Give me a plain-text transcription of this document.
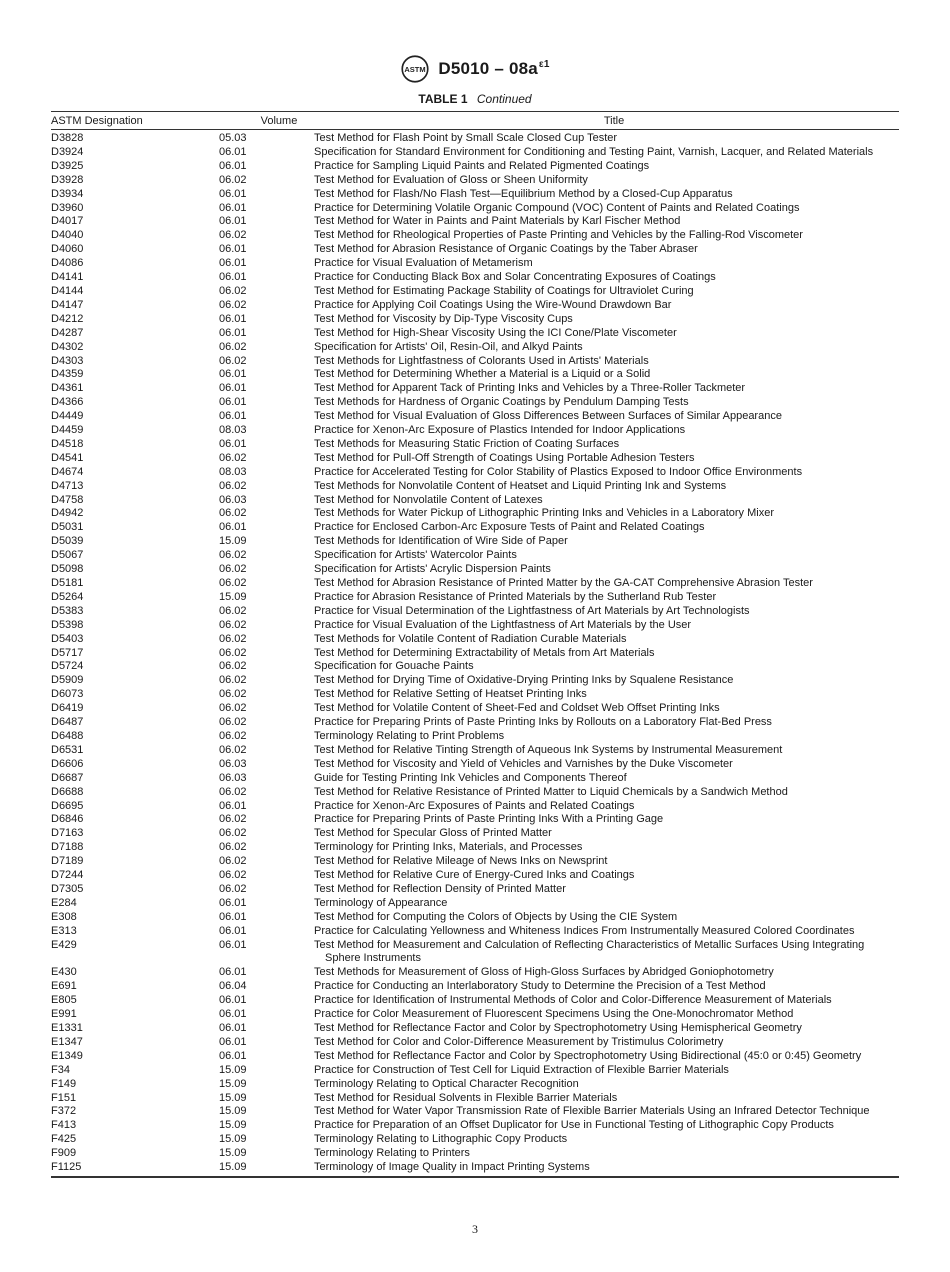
ASTM $D5010 - 08a^{\varepsilon 1}$
TABLE 1 Continued
ASTM Designation	Volume	Title
D3828	05.03	Test Method for Flash Point by Small Scale Closed Cup Tester
D3924	06.01	Specification for Standard Environment for Conditioning and Testing Paint, Varnish, Lacquer, and Related Materials
D3925	06.01	Practice for Sampling Liquid Paints and Related Pigmented Coatings
D3928	06.02	Test Method for Evaluation of Gloss or Sheen Uniformity
D3934	06.01	Test Method for Flash/No Flash Test—Equilibrium Method by a Closed-Cup Apparatus
D3960	06.01	Practice for Determining Volatile Organic Compound (VOC) Content of Paints and Related Coatings
D4017	06.01	Test Method for Water in Paints and Paint Materials by Karl Fischer Method
D4040	06.02	Test Method for Rheological Properties of Paste Printing and Vehicles by the Falling-Rod Viscometer
D4060	06.01	Test Method for Abrasion Resistance of Organic Coatings by the Taber Abraser
D4086	06.01	Practice for Visual Evaluation of Metamerism
D4141	06.01	Practice for Conducting Black Box and Solar Concentrating Exposures of Coatings
D4144	06.02	Test Method for Estimating Package Stability of Coatings for Ultraviolet Curing
D4147	06.02	Practice for Applying Coil Coatings Using the Wire-Wound Drawdown Bar
D4212	06.01	Test Method for Viscosity by Dip-Type Viscosity Cups
D4287	06.01	Test Method for High-Shear Viscosity Using the ICI Cone/Plate Viscometer
D4302	06.02	Specification for Artists' Oil, Resin-Oil, and Alkyd Paints
D4303	06.02	Test Methods for Lightfastness of Colorants Used in Artists' Materials
D4359	06.01	Test Method for Determining Whether a Material is a Liquid or a Solid
D4361	06.01	Test Method for Apparent Tack of Printing Inks and Vehicles by a Three-Roller Tackmeter
D4366	06.01	Test Methods for Hardness of Organic Coatings by Pendulum Damping Tests
D4449	06.01	Test Method for Visual Evaluation of Gloss Differences Between Surfaces of Similar Appearance
D4459	08.03	Practice for Xenon-Arc Exposure of Plastics Intended for Indoor Applications
D4518	06.01	Test Methods for Measuring Static Friction of Coating Surfaces
D4541	06.02	Test Method for Pull-Off Strength of Coatings Using Portable Adhesion Testers
D4674	08.03	Practice for Accelerated Testing for Color Stability of Plastics Exposed to Indoor Office Environments
D4713	06.02	Test Methods for Nonvolatile Content of Heatset and Liquid Printing Ink and Systems
D4758	06.03	Test Method for Nonvolatile Content of Latexes
D4942	06.02	Test Methods for Water Pickup of Lithographic Printing Inks and Vehicles in a Laboratory Mixer
D5031	06.01	Practice for Enclosed Carbon-Arc Exposure Tests of Paint and Related Coatings
D5039	15.09	Test Methods for Identification of Wire Side of Paper
D5067	06.02	Specification for Artists' Watercolor Paints
D5098	06.02	Specification for Artists' Acrylic Dispersion Paints
D5181	06.02	Test Method for Abrasion Resistance of Printed Matter by the GA-CAT Comprehensive Abrasion Tester
D5264	15.09	Practice for Abrasion Resistance of Printed Materials by the Sutherland Rub Tester
D5383	06.02	Practice for Visual Determination of the Lightfastness of Art Materials by Art Technologists
D5398	06.02	Practice for Visual Evaluation of the Lightfastness of Art Materials by the User
D5403	06.02	Test Methods for Volatile Content of Radiation Curable Materials
D5717	06.02	Test Method for Determining Extractability of Metals from Art Materials
D5724	06.02	Specification for Gouache Paints
D5909	06.02	Test Method for Drying Time of Oxidative-Drying Printing Inks by Squalene Resistance
D6073	06.02	Test Method for Relative Setting of Heatset Printing Inks
D6419	06.02	Test Method for Volatile Content of Sheet-Fed and Coldset Web Offset Printing Inks
D6487	06.02	Practice for Preparing Prints of Paste Printing Inks by Rollouts on a Laboratory Flat-Bed Press
D6488	06.02	Terminology Relating to Print Problems
D6531	06.02	Test Method for Relative Tinting Strength of Aqueous Ink Systems by Instrumental Measurement
D6606	06.03	Test Method for Viscosity and Yield of Vehicles and Varnishes by the Duke Viscometer
D6687	06.03	Guide for Testing Printing Ink Vehicles and Components Thereof
D6688	06.02	Test Method for Relative Resistance of Printed Matter to Liquid Chemicals by a Sandwich Method
D6695	06.01	Practice for Xenon-Arc Exposures of Paints and Related Coatings
D6846	06.02	Practice for Preparing Prints of Paste Printing Inks With a Printing Gage
D7163	06.02	Test Method for Specular Gloss of Printed Matter
D7188	06.02	Terminology for Printing Inks, Materials, and Processes
D7189	06.02	Test Method for Relative Mileage of News Inks on Newsprint
D7244	06.02	Test Method for Relative Cure of Energy-Cured Inks and Coatings
D7305	06.02	Test Method for Reflection Density of Printed Matter
E284	06.01	Terminology of Appearance
E308	06.01	Test Method for Computing the Colors of Objects by Using the CIE System
E313	06.01	Practice for Calculating Yellowness and Whiteness Indices From Instrumentally Measured Colored Coordinates
E429	06.01	Test Method for Measurement and Calculation of Reflecting Characteristics of Metallic Surfaces Using Integrating
Sphere Instruments
E430	06.01	Test Methods for Measurement of Gloss of High-Gloss Surfaces by Abridged Goniophotometry
E691	06.04	Practice for Conducting an Interlaboratory Study to Determine the Precision of a Test Method
E805	06.01	Practice for Identification of Instrumental Methods of Color and Color-Difference Measurement of Materials
E991	06.01	Practice for Color Measurement of Fluorescent Specimens Using the One-Monochromator Method
E1331	06.01	Test Method for Reflectance Factor and Color by Spectrophotometry Using Hemispherical Geometry
E1347	06.01	Test Method for Color and Color-Difference Measurement by Tristimulus Colorimetry
E1349	06.01	Test Method for Reflectance Factor and Color by Spectrophotometry Using Bidirectional (45:0 or 0:45) Geometry
F34	15.09	Practice for Construction of Test Cell for Liquid Extraction of Flexible Barrier Materials
F149	15.09	Terminology Relating to Optical Character Recognition
F151	15.09	Test Method for Residual Solvents in Flexible Barrier Materials
F372	15.09	Test Method for Water Vapor Transmission Rate of Flexible Barrier Materials Using an Infrared Detector Technique
F413	15.09	Practice for Preparation of an Offset Duplicator for Use in Functional Testing of Lithographic Copy Products
F425	15.09	Terminology Relating to Lithographic Copy Products
F909	15.09	Terminology Relating to Printers
F1125	15.09	Terminology of Image Quality in Impact Printing Systems
3
